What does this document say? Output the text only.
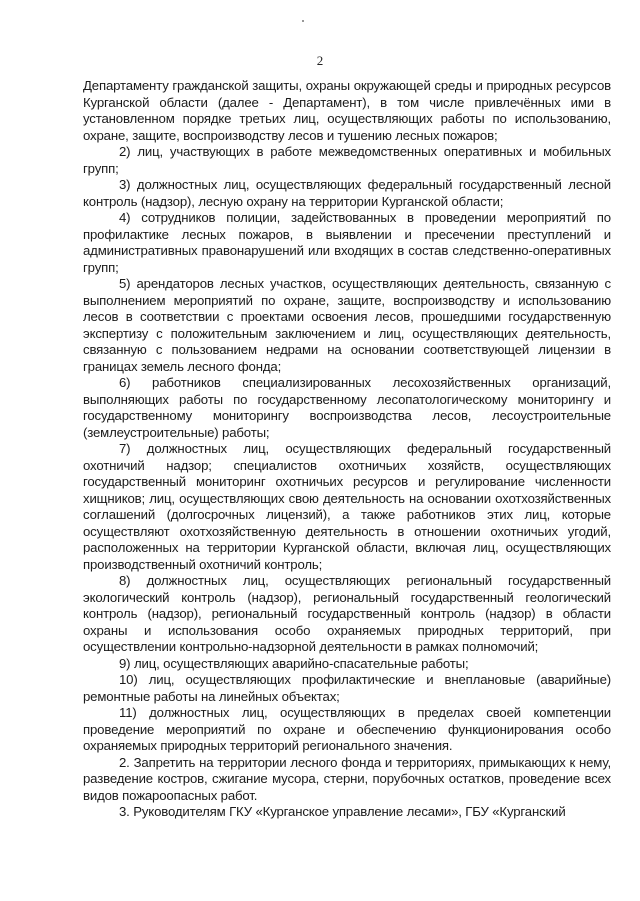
2

Департаменту гражданской защиты, охраны окружающей среды и природных ресурсов Курганской области (далее - Департамент), в том числе привлечённых ими в установленном порядке третьих лиц, осуществляющих работы по использованию, охране, защите, воспроизводству лесов и тушению лесных пожаров;

2) лиц, участвующих в работе межведомственных оперативных и мобильных групп;

3) должностных лиц, осуществляющих федеральный государственный лесной контроль (надзор), лесную охрану на территории Курганской области;

4) сотрудников полиции, задействованных в проведении мероприятий по профилактике лесных пожаров, в выявлении и пресечении преступлений и административных правонарушений или входящих в состав следственно-оперативных групп;

5) арендаторов лесных участков, осуществляющих деятельность, связанную с выполнением мероприятий по охране, защите, воспроизводству и использованию лесов в соответствии с проектами освоения лесов, прошедшими государственную экспертизу с положительным заключением и лиц, осуществляющих деятельность, связанную с пользованием недрами на основании соответствующей лицензии в границах земель лесного фонда;

6) работников специализированных лесохозяйственных организаций, выполняющих работы по государственному лесопатологическому мониторингу и государственному мониторингу воспроизводства лесов, лесоустроительные (землеустроительные) работы;

7) должностных лиц, осуществляющих федеральный государственный охотничий надзор; специалистов охотничьих хозяйств, осуществляющих государственный мониторинг охотничьих ресурсов и регулирование численности хищников; лиц, осуществляющих свою деятельность на основании охотхозяйственных соглашений (долгосрочных лицензий), а также работников этих лиц, которые осуществляют охотхозяйственную деятельность в отношении охотничьих угодий, расположенных на территории Курганской области, включая лиц, осуществляющих производственный охотничий контроль;

8) должностных лиц, осуществляющих региональный государственный экологический контроль (надзор), региональный государственный геологический контроль (надзор), региональный государственный контроль (надзор) в области охраны и использования особо охраняемых природных территорий, при осуществлении контрольно-надзорной деятельности в рамках полномочий;

9) лиц, осуществляющих аварийно-спасательные работы;

10) лиц, осуществляющих профилактические и внеплановые (аварийные) ремонтные работы на линейных объектах;

11) должностных лиц, осуществляющих в пределах своей компетенции проведение мероприятий по охране и обеспечению функционирования особо охраняемых природных территорий регионального значения.

2. Запретить на территории лесного фонда и территориях, примыкающих к нему, разведение костров, сжигание мусора, стерни, порубочных остатков, проведение всех видов пожароопасных работ.

3. Руководителям ГКУ «Курганское управление лесами», ГБУ «Курганский
